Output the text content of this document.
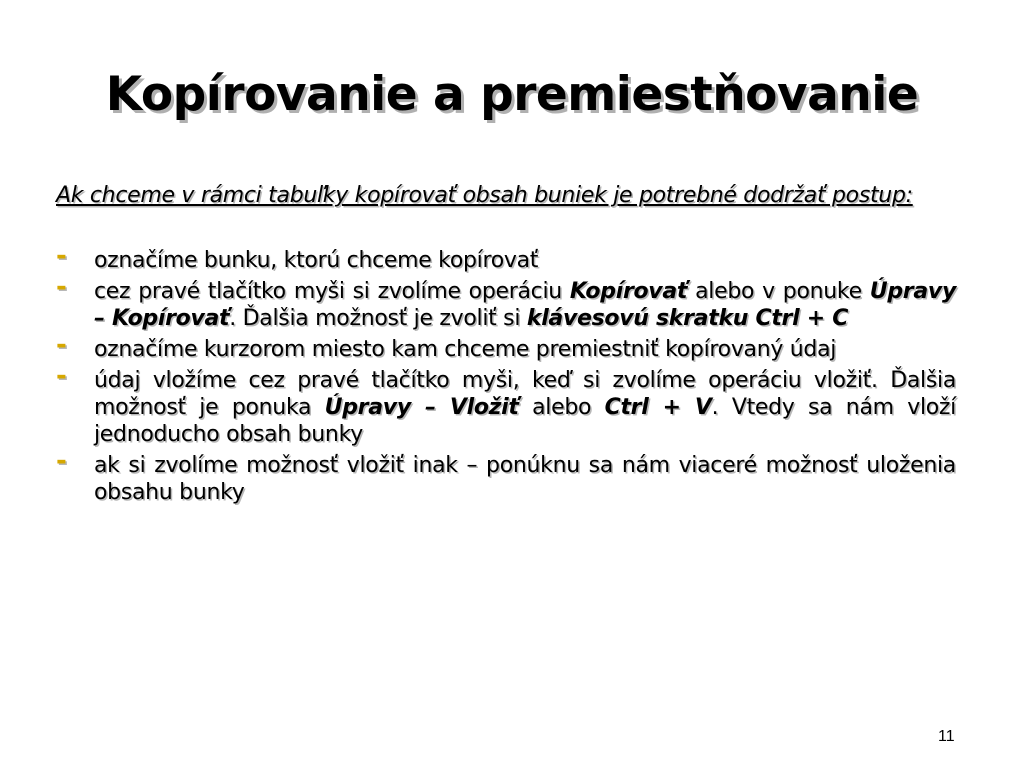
Kopírovanie a premiestňovanie

Ak chceme v rámci tabuľky kopírovať obsah buniek je potrebné dodržať postup:

- označíme bunku, ktorú chceme kopírovať
- cez pravé tlačítko myši si zvolíme operáciu Kopírovať alebo v ponuke Úpravy – Kopírovať. Ďalšia možnosť je zvoliť si klávesovú skratku Ctrl + C
- označíme kurzorom miesto kam chceme premiestniť kopírovaný údaj
- údaj vložíme cez pravé tlačítko myši, keď si zvolíme operáciu vložiť. Ďalšia možnosť je ponuka Úpravy – Vložiť alebo Ctrl + V. Vtedy sa nám vloží jednoducho obsah bunky
- ak si zvolíme možnosť vložiť inak – ponúknu sa nám viaceré možnosť uloženia obsahu bunky
11
